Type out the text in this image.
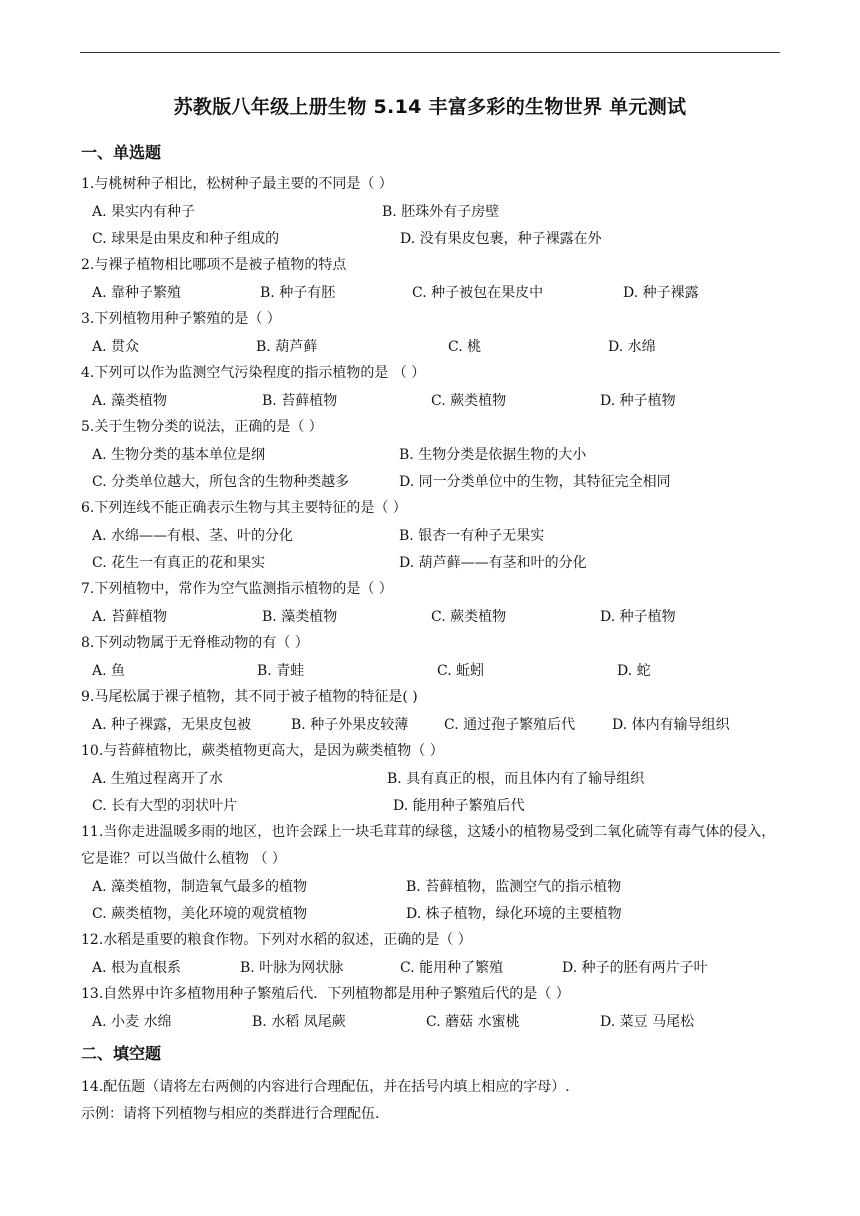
苏教版八年级上册生物 5.14 丰富多彩的生物世界 单元测试
一、单选题
1.与桃树种子相比，松树种子最主要的不同是（ ）
A. 果实内有种子	B. 胚珠外有子房壁
C. 球果是由果皮和种子组成的	D. 没有果皮包裹，种子裸露在外
2.与裸子植物相比哪项不是被子植物的特点
A. 靠种子繁殖	B. 种子有胚	C. 种子被包在果皮中	D. 种子裸露
3.下列植物用种子繁殖的是（ ）
A. 贯众	B. 葫芦藓	C. 桃	D. 水绵
4.下列可以作为监测空气污染程度的指示植物的是 （ ）
A. 藻类植物	B. 苔藓植物	C. 蕨类植物	D. 种子植物
5.关于生物分类的说法，正确的是（ ）
A. 生物分类的基本单位是纲	B. 生物分类是依据生物的大小
C. 分类单位越大，所包含的生物种类越多	D. 同一分类单位中的生物，其特征完全相同
6.下列连线不能正确表示生物与其主要特征的是（ ）
A. 水绵——有根、茎、叶的分化	B. 银杏一有种子无果实
C. 花生一有真正的花和果实	D. 葫芦藓——有茎和叶的分化
7.下列植物中，常作为空气监测指示植物的是（ ）
A. 苔藓植物	B. 藻类植物	C. 蕨类植物	D. 种子植物
8.下列动物属于无脊椎动物的有（ ）
A. 鱼	B. 青蛙	C. 蚯蚓	D. 蛇
9.马尾松属于裸子植物，其不同于被子植物的特征是( )
A. 种子裸露，无果皮包被	B. 种子外果皮较薄	C. 通过孢子繁殖后代	D. 体内有输导组织
10.与苔藓植物比，蕨类植物更高大，是因为蕨类植物（ ）
A. 生殖过程离开了水	B. 具有真正的根，而且体内有了输导组织
C. 长有大型的羽状叶片	D. 能用种子繁殖后代
11.当你走进温暖多雨的地区，也许会踩上一块毛茸茸的绿毯，这矮小的植物易受到二氧化硫等有毒气体的侵入，它是谁？可以当做什么植物 （ ）
A. 藻类植物，制造氧气最多的植物	B. 苔藓植物，监测空气的指示植物
C. 蕨类植物，美化环境的观赏植物	D. 株子植物，绿化环境的主要植物
12.水稻是重要的粮食作物。下列对水稻的叙述，正确的是（ ）
A. 根为直根系	B. 叶脉为网状脉	C. 能用种了繁殖	D. 种子的胚有两片子叶
13.自然界中许多植物用种子繁殖后代．下列植物都是用种子繁殖后代的是（ ）
A. 小麦 水绵	B. 水稻 凤尾蕨	C. 蘑菇 水蜜桃	D. 菜豆 马尾松
二、填空题
14.配伍题（请将左右两侧的内容进行合理配伍，并在括号内填上相应的字母）.
示例：请将下列植物与相应的类群进行合理配伍.
